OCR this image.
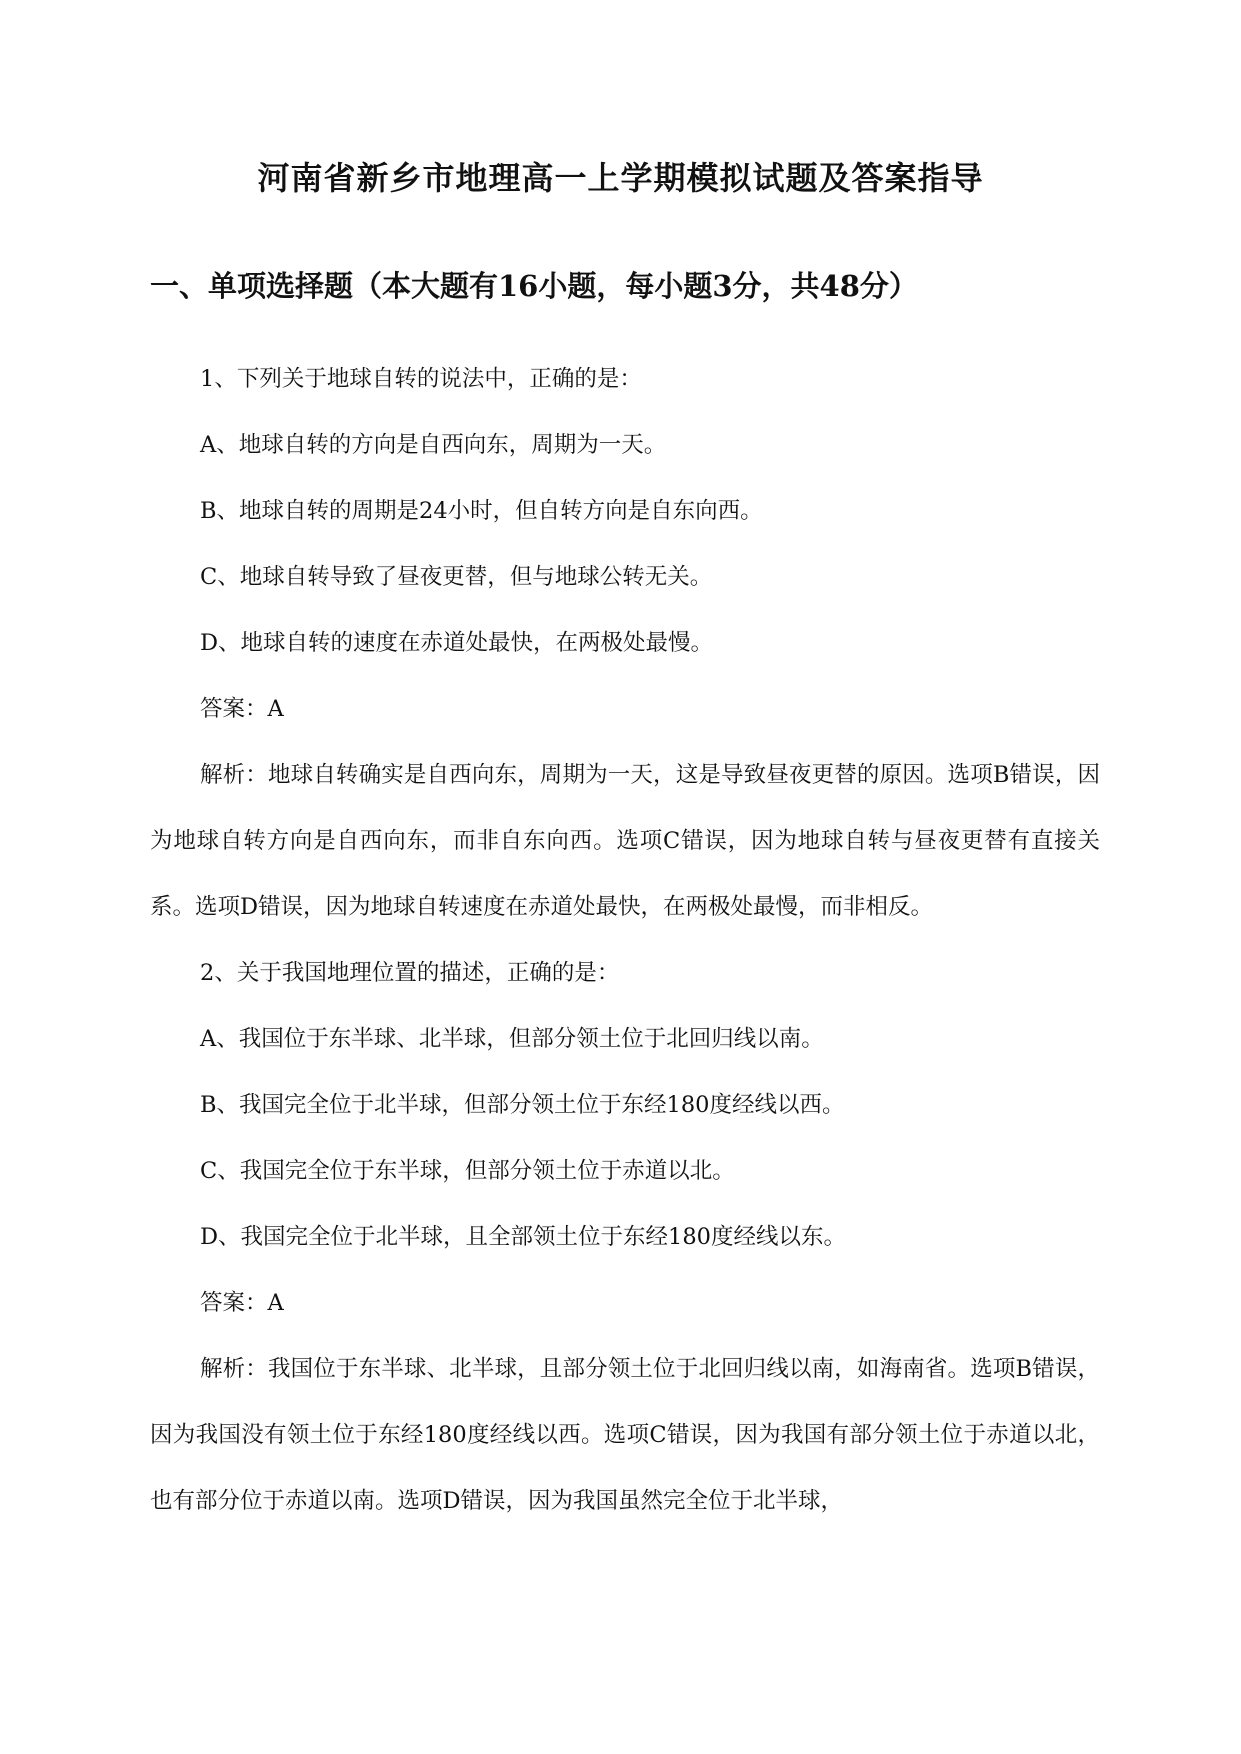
河南省新乡市地理高一上学期模拟试题及答案指导
一、单项选择题（本大题有16小题，每小题3分，共48分）

1、下列关于地球自转的说法中，正确的是：

A、地球自转的方向是自西向东，周期为一天。

B、地球自转的周期是24小时，但自转方向是自东向西。

C、地球自转导致了昼夜更替，但与地球公转无关。

D、地球自转的速度在赤道处最快，在两极处最慢。

答案：A

解析：地球自转确实是自西向东，周期为一天，这是导致昼夜更替的原因。选项B错误，因为地球自转方向是自西向东，而非自东向西。选项C错误，因为地球自转与昼夜更替有直接关系。选项D错误，因为地球自转速度在赤道处最快，在两极处最慢，而非相反。

2、关于我国地理位置的描述，正确的是：

A、我国位于东半球、北半球，但部分领土位于北回归线以南。

B、我国完全位于北半球，但部分领土位于东经180度经线以西。

C、我国完全位于东半球，但部分领土位于赤道以北。

D、我国完全位于北半球，且全部领土位于东经180度经线以东。

答案：A

解析：我国位于东半球、北半球，且部分领土位于北回归线以南，如海南省。选项B错误，因为我国没有领土位于东经180度经线以西。选项C错误，因为我国有部分领土位于赤道以北，也有部分位于赤道以南。选项D错误，因为我国虽然完全位于北半球，
